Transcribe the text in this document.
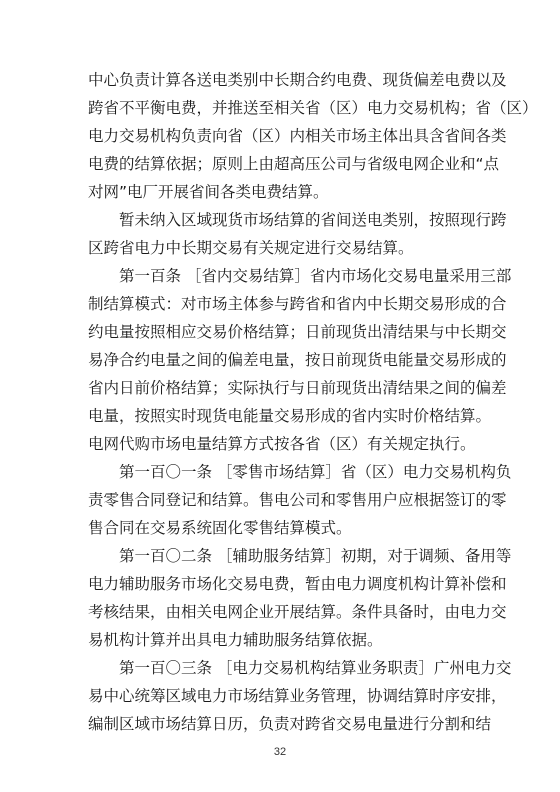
中心负责计算各送电类别中长期合约电费、现货偏差电费以及
跨省不平衡电费，并推送至相关省（区）电力交易机构；省（区）
电力交易机构负责向省（区）内相关市场主体出具含省间各类
电费的结算依据；原则上由超高压公司与省级电网企业和“点
对网”电厂开展省间各类电费结算。
暂未纳入区域现货市场结算的省间送电类别，按照现行跨
区跨省电力中长期交易有关规定进行交易结算。
第一百条 ［省内交易结算］省内市场化交易电量采用三部
制结算模式：对市场主体参与跨省和省内中长期交易形成的合
约电量按照相应交易价格结算；日前现货出清结果与中长期交
易净合约电量之间的偏差电量，按日前现货电能量交易形成的
省内日前价格结算；实际执行与日前现货出清结果之间的偏差
电量，按照实时现货电能量交易形成的省内实时价格结算。
电网代购市场电量结算方式按各省（区）有关规定执行。
第一百〇一条 ［零售市场结算］省（区）电力交易机构负
责零售合同登记和结算。售电公司和零售用户应根据签订的零
售合同在交易系统固化零售结算模式。
第一百〇二条 ［辅助服务结算］初期，对于调频、备用等
电力辅助服务市场化交易电费，暂由电力调度机构计算补偿和
考核结果，由相关电网企业开展结算。条件具备时，由电力交
易机构计算并出具电力辅助服务结算依据。
第一百〇三条 ［电力交易机构结算业务职责］广州电力交
32
易中心统筹区域电力市场结算业务管理，协调结算时序安排，
编制区域市场结算日历，负责对跨省交易电量进行分割和结
